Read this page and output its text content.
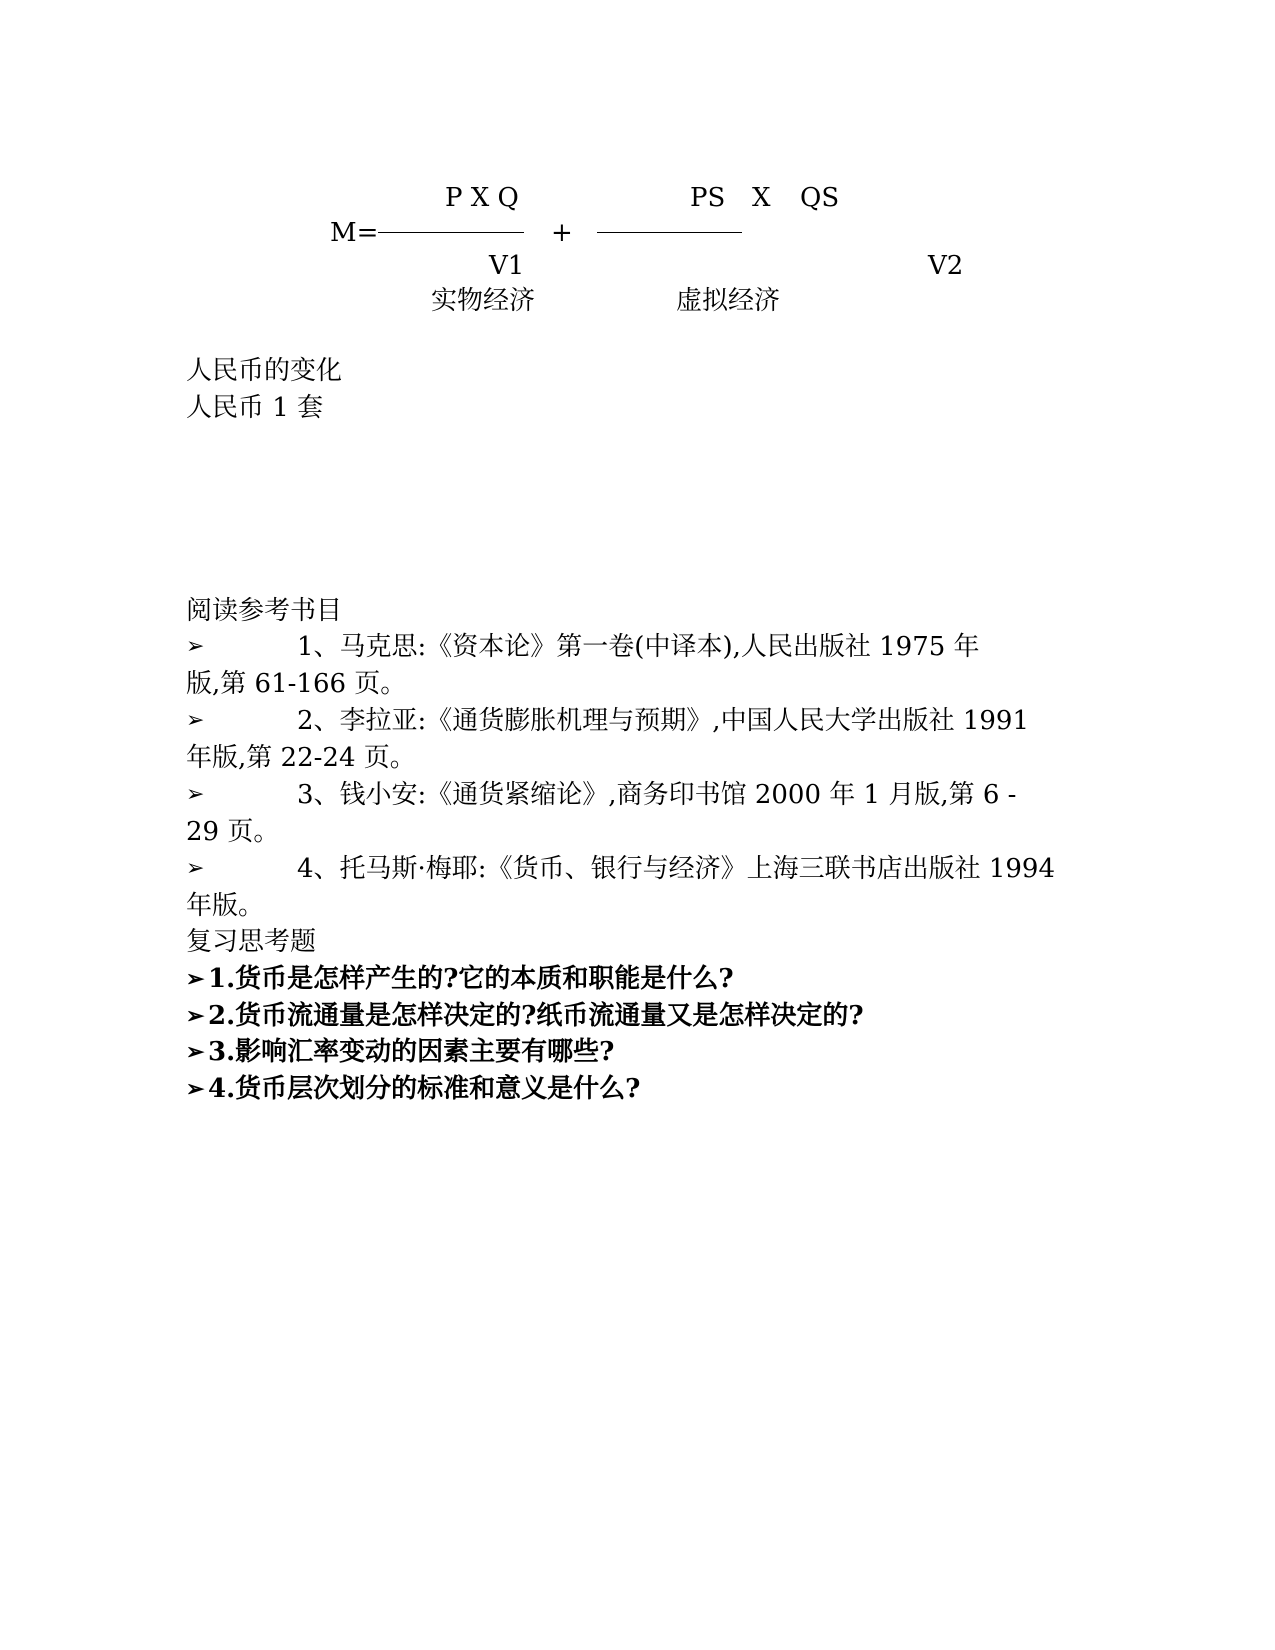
P X Q	PS X QS
M=	+
V1	V2
实物经济	虚拟经济
人民币的变化
人民币 1 套
阅读参考书目
➢	1、马克思:《资本论》第一卷(中译本),人民出版社 1975 年
版,第 61-166 页。
➢	2、李拉亚:《通货膨胀机理与预期》,中国人民大学出版社 1991
年版,第 22-24 页。
➢	3、钱小安:《通货紧缩论》,商务印书馆 2000 年 1 月版,第 6 -
29 页。
➢	4、托马斯·梅耶:《货币、银行与经济》上海三联书店出版社 1994
年版。
复习思考题
➢ 1.货币是怎样产生的?它的本质和职能是什么?
➢ 2.货币流通量是怎样决定的?纸币流通量又是怎样决定的?
➢ 3.影响汇率变动的因素主要有哪些?
➢ 4.货币层次划分的标准和意义是什么?
